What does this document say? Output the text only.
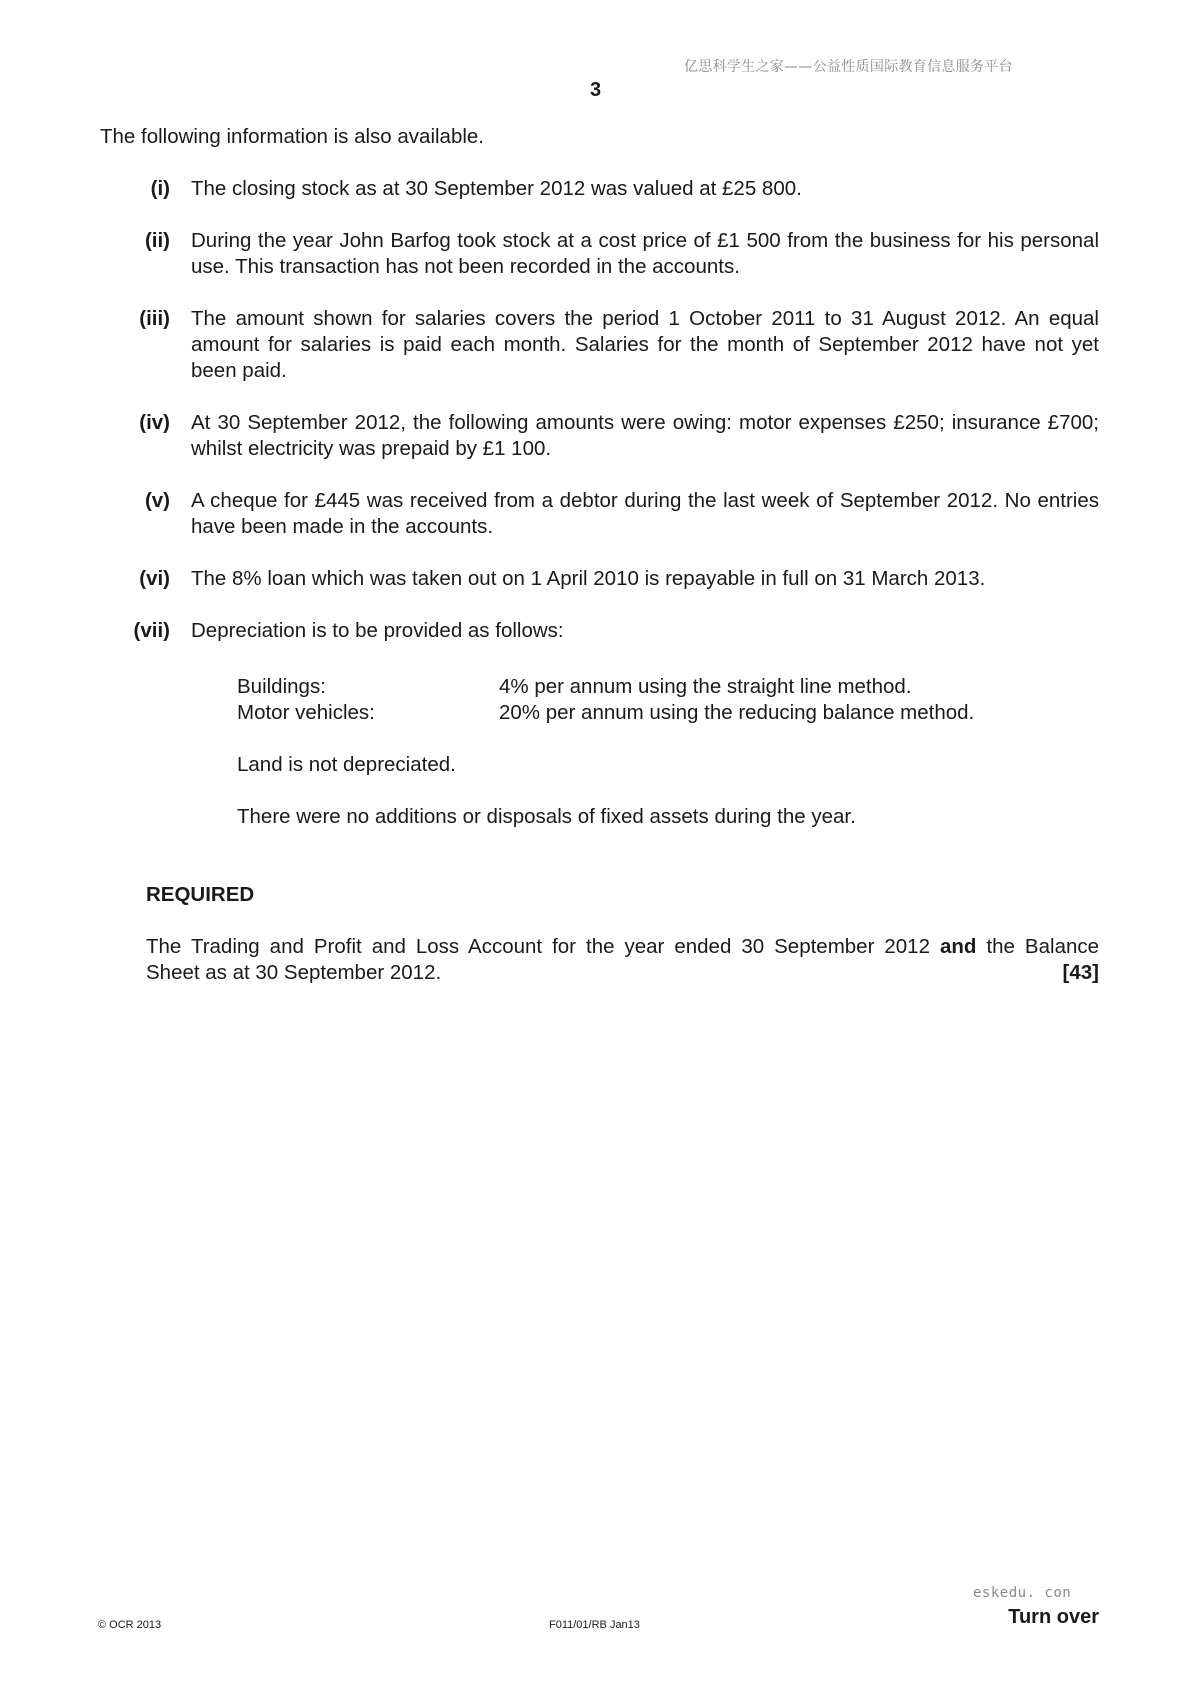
亿思科学生之家——公益性质国际教育信息服务平台
3
The following information is also available.
(i) The closing stock as at 30 September 2012 was valued at £25 800.
(ii) During the year John Barfog took stock at a cost price of £1 500 from the business for his personal use. This transaction has not been recorded in the accounts.
(iii) The amount shown for salaries covers the period 1 October 2011 to 31 August 2012. An equal amount for salaries is paid each month. Salaries for the month of September 2012 have not yet been paid.
(iv) At 30 September 2012, the following amounts were owing: motor expenses £250; insurance £700; whilst electricity was prepaid by £1 100.
(v) A cheque for £445 was received from a debtor during the last week of September 2012. No entries have been made in the accounts.
(vi) The 8% loan which was taken out on 1 April 2010 is repayable in full on 31 March 2013.
(vii) Depreciation is to be provided as follows:
Buildings:	4% per annum using the straight line method.
Motor vehicles:	20% per annum using the reducing balance method.
Land is not depreciated.
There were no additions or disposals of fixed assets during the year.
REQUIRED
The Trading and Profit and Loss Account for the year ended 30 September 2012 and the Balance
Sheet as at 30 September 2012.	[43]
eskedu. con
© OCR 2013	F011/01/RB Jan13	Turn over
